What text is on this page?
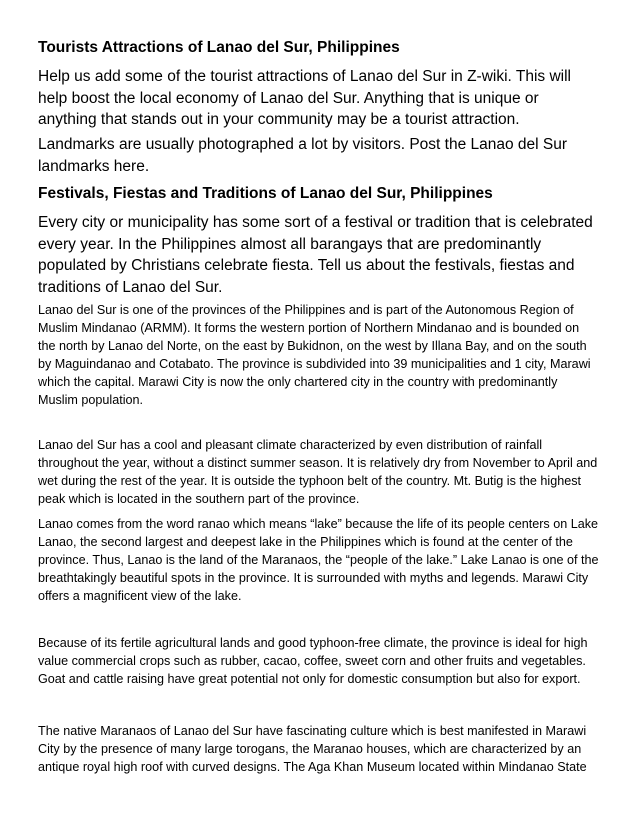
Tourists Attractions of Lanao del Sur, Philippines

Help us add some of the tourist attractions of Lanao del Sur in Z-wiki. This will help boost the local economy of Lanao del Sur. Anything that is unique or anything that stands out in your community may be a tourist attraction.

Landmarks are usually photographed a lot by visitors. Post the Lanao del Sur landmarks here.

Festivals, Fiestas and Traditions of Lanao del Sur, Philippines

Every city or municipality has some sort of a festival or tradition that is celebrated every year. In the Philippines almost all barangays that are predominantly populated by Christians celebrate fiesta. Tell us about the festivals, fiestas and traditions of Lanao del Sur.

Lanao del Sur is one of the provinces of the Philippines and is part of the Autonomous Region of Muslim Mindanao (ARMM). It forms the western portion of Northern Mindanao and is bounded on the north by Lanao del Norte, on the east by Bukidnon, on the west by Illana Bay, and on the south by Maguindanao and Cotabato. The province is subdivided into 39 municipalities and 1 city, Marawi which the capital. Marawi City is now the only chartered city in the country with predominantly Muslim population.

Lanao del Sur has a cool and pleasant climate characterized by even distribution of rainfall throughout the year, without a distinct summer season. It is relatively dry from November to April and wet during the rest of the year. It is outside the typhoon belt of the country. Mt. Butig is the highest peak which is located in the southern part of the province.

Lanao comes from the word ranao which means “lake” because the life of its people centers on Lake Lanao, the second largest and deepest lake in the Philippines which is found at the center of the province. Thus, Lanao is the land of the Maranaos, the “people of the lake.” Lake Lanao is one of the breathtakingly beautiful spots in the province. It is surrounded with myths and legends. Marawi City offers a magnificent view of the lake.

Because of its fertile agricultural lands and good typhoon-free climate, the province is ideal for high value commercial crops such as rubber, cacao, coffee, sweet corn and other fruits and vegetables. Goat and cattle raising have great potential not only for domestic consumption but also for export.

The native Maranaos of Lanao del Sur have fascinating culture which is best manifested in Marawi City by the presence of many large torogans, the Maranao houses, which are characterized by an antique royal high roof with curved designs. The Aga Khan Museum located within Mindanao State
